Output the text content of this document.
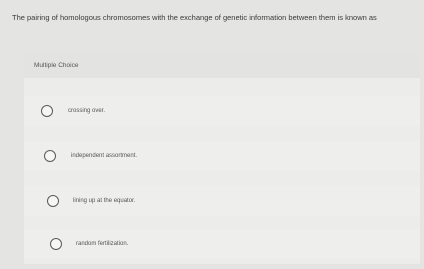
The pairing of homologous chromosomes with the exchange of genetic information between them is known as

Multiple Choice
crossing over.
independent assortment.
lining up at the equator.
random fertilization.
